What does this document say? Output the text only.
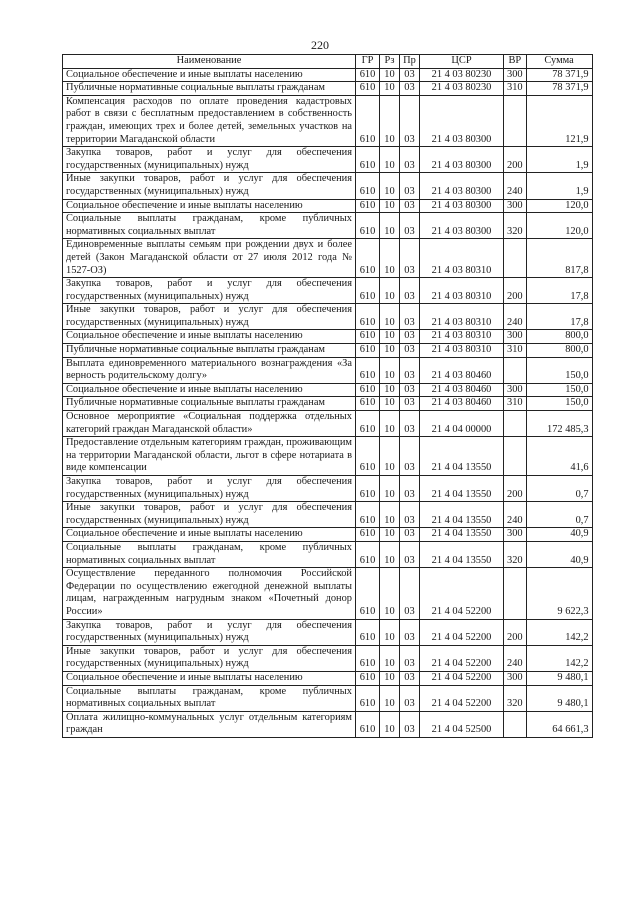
220
Наименование	ГР	Рз	Пр	ЦСР	ВР	Сумма
Социальное обеспечение и иные выплаты населению	610	10	03	21 4 03 80230	300	78 371,9
Публичные нормативные социальные выплаты гражданам	610	10	03	21 4 03 80230	310	78 371,9
Компенсация расходов по оплате проведения кадастровых работ в связи с бесплатным предоставлением в собственность граждан, имеющих трех и более детей, земельных участков на территории Магаданской области	610	10	03	21 4 03 80300		121,9
Закупка товаров, работ и услуг для обеспечения государственных (муниципальных) нужд	610	10	03	21 4 03 80300	200	1,9
Иные закупки товаров, работ и услуг для обеспечения государственных (муниципальных) нужд	610	10	03	21 4 03 80300	240	1,9
Социальное обеспечение и иные выплаты населению	610	10	03	21 4 03 80300	300	120,0
Социальные выплаты гражданам, кроме публичных нормативных социальных выплат	610	10	03	21 4 03 80300	320	120,0
Единовременные выплаты семьям при рождении двух и более детей (Закон Магаданской области от 27 июля 2012 года № 1527-ОЗ)	610	10	03	21 4 03 80310		817,8
Закупка товаров, работ и услуг для обеспечения государственных (муниципальных) нужд	610	10	03	21 4 03 80310	200	17,8
Иные закупки товаров, работ и услуг для обеспечения государственных (муниципальных) нужд	610	10	03	21 4 03 80310	240	17,8
Социальное обеспечение и иные выплаты населению	610	10	03	21 4 03 80310	300	800,0
Публичные нормативные социальные выплаты гражданам	610	10	03	21 4 03 80310	310	800,0
Выплата единовременного материального вознаграждения «За верность родительскому долгу»	610	10	03	21 4 03 80460		150,0
Социальное обеспечение и иные выплаты населению	610	10	03	21 4 03 80460	300	150,0
Публичные нормативные социальные выплаты гражданам	610	10	03	21 4 03 80460	310	150,0
Основное мероприятие «Социальная поддержка отдельных категорий граждан Магаданской области»	610	10	03	21 4 04 00000		172 485,3
Предоставление отдельным категориям граждан, проживающим на территории Магаданской области, льгот в сфере нотариата в виде компенсации	610	10	03	21 4 04 13550		41,6
Закупка товаров, работ и услуг для обеспечения государственных (муниципальных) нужд	610	10	03	21 4 04 13550	200	0,7
Иные закупки товаров, работ и услуг для обеспечения государственных (муниципальных) нужд	610	10	03	21 4 04 13550	240	0,7
Социальное обеспечение и иные выплаты населению	610	10	03	21 4 04 13550	300	40,9
Социальные выплаты гражданам, кроме публичных нормативных социальных выплат	610	10	03	21 4 04 13550	320	40,9
Осуществление переданного полномочия Российской Федерации по осуществлению ежегодной денежной выплаты лицам, награжденным нагрудным знаком «Почетный донор России»	610	10	03	21 4 04 52200		9 622,3
Закупка товаров, работ и услуг для обеспечения государственных (муниципальных) нужд	610	10	03	21 4 04 52200	200	142,2
Иные закупки товаров, работ и услуг для обеспечения государственных (муниципальных) нужд	610	10	03	21 4 04 52200	240	142,2
Социальное обеспечение и иные выплаты населению	610	10	03	21 4 04 52200	300	9 480,1
Социальные выплаты гражданам, кроме публичных нормативных социальных выплат	610	10	03	21 4 04 52200	320	9 480,1
Оплата жилищно-коммунальных услуг отдельным категориям граждан	610	10	03	21 4 04 52500		64 661,3
